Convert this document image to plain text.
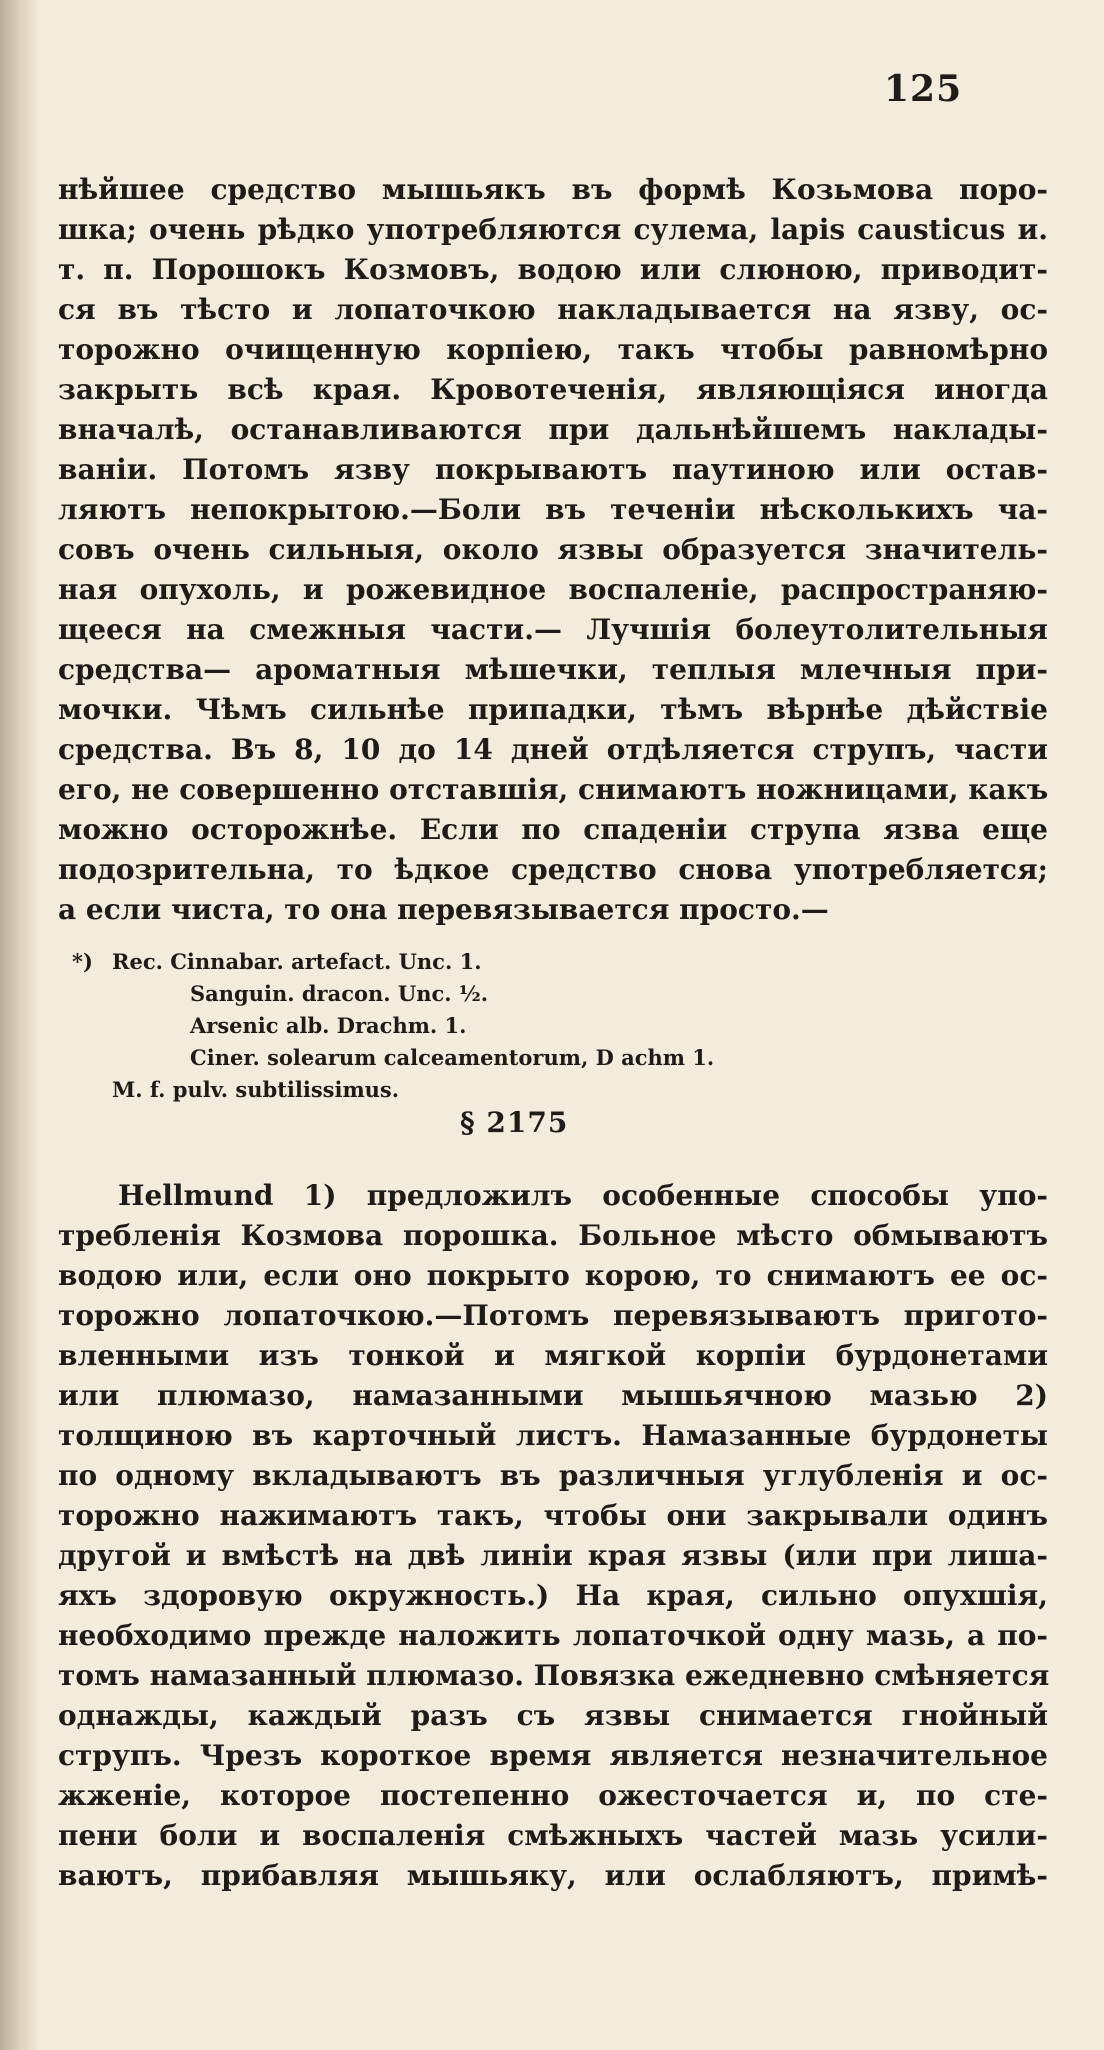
125
нѣйшее средство мышьякъ въ формѣ Козьмова поро-
шка; очень рѣдко употребляются сулема, lapis causticus и.
т. п. Порошокъ Козмовъ, водою или слюною, приводит-
ся въ тѣсто и лопаточкою накладывается на язву, ос-
торожно очищенную корпiею, такъ чтобы равномѣрно
закрыть всѣ края. Кровотеченiя, являющiяся иногда
вначалѣ, останавливаются при дальнѣйшемъ наклады-
ванiи. Потомъ язву покрываютъ паутиною или остав-
ляютъ непокрытою.—Боли въ теченiи нѣсколькихъ ча-
совъ очень сильныя, около язвы образуется значитель-
ная опухоль, и рожевидное воспаленiе, распространяю-
щееся на смежныя части.— Лучшiя болеутолительныя
средства— ароматныя мѣшечки, теплыя млечныя при-
мочки. Чѣмъ сильнѣе припадки, тѣмъ вѣрнѣе дѣйствiе
средства. Въ 8, 10 до 14 дней отдѣляется струпъ, части
его, не совершенно отставшiя, снимаютъ ножницами, какъ
можно осторожнѣе. Если по спаденiи струпа язва еще
подозрительна, то ѣдкое средство снова употребляется;
а если чиста, то она перевязывается просто.—
*) Rec. Cinnabar. artefact. Unc. 1.
Sanguin. dracon. Unc. ½.
Arsenic alb. Drachm. 1.
Ciner. solearum calceamentorum, D achm 1.
M. f. pulv. subtilissimus.
§ 2175
Hellmund 1) предложилъ особенные способы упо-
требленiя Козмова порошка. Больное мѣсто обмываютъ
водою или, если оно покрыто корою, то снимаютъ ее ос-
торожно лопаточкою.—Потомъ перевязываютъ пригото-
вленными изъ тонкой и мягкой корпiи бурдонетами
или плюмазо, намазанными мышьячною мазью 2)
толщиною въ карточный листъ. Намазанные бурдонеты
по одному вкладываютъ въ различныя углубленiя и ос-
торожно нажимаютъ такъ, чтобы они закрывали одинъ
другой и вмѣстѣ на двѣ линiи края язвы (или при лишa-
яхъ здоровую окружность.) На края, сильно опухшiя,
необходимо прежде наложить лопаточкой одну мазь, а по-
томъ намазанный плюмазо. Повязка ежедневно смѣняется
однажды, каждый разъ съ язвы снимается гнойный
струпъ. Чрезъ короткое время является незначительное
жженiе, которое постепенно ожесточается и, по сте-
пени боли и воспаленiя смѣжныхъ частей мазь усили-
ваютъ, прибавляя мышьяку, или ослабляютъ, примѣ-
